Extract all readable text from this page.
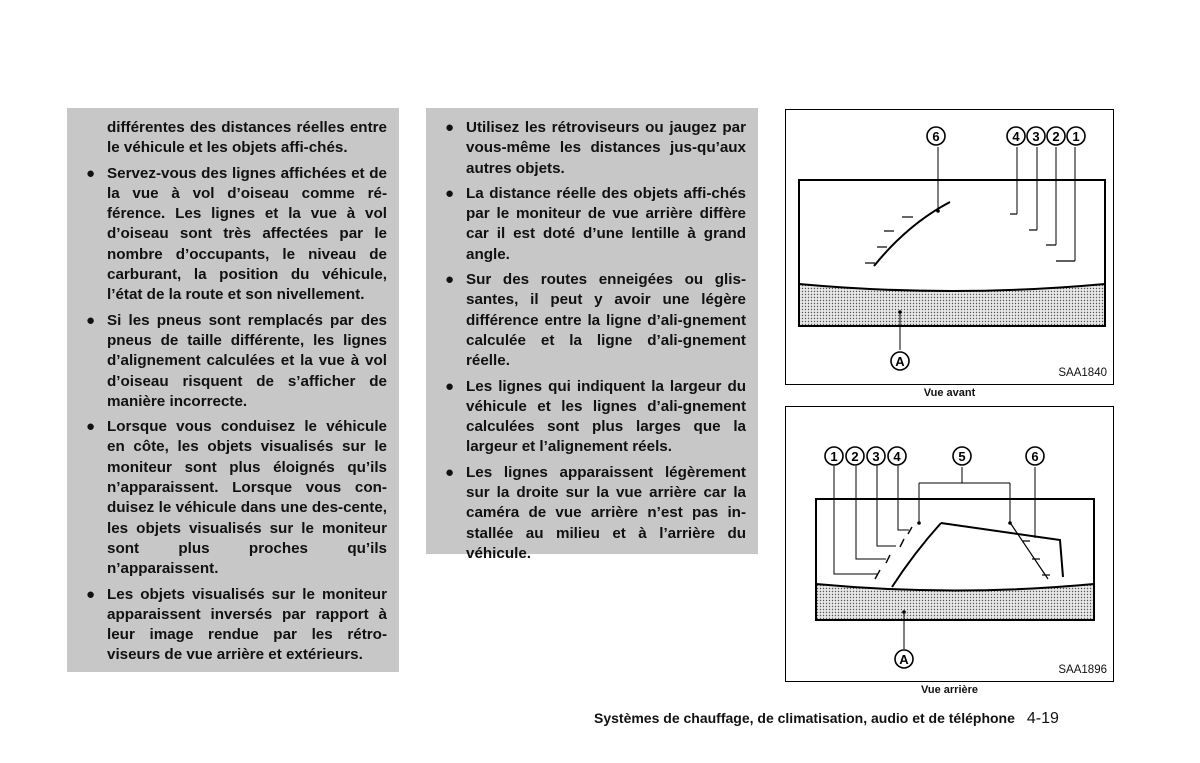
différentes des distances réelles entre le véhicule et les objets affi-chés.
● Servez-vous des lignes affichées et de la vue à vol d’oiseau comme ré-férence. Les lignes et la vue à vol d’oiseau sont très affectées par le nombre d’occupants, le niveau de carburant, la position du véhicule, l’état de la route et son nivellement.
● Si les pneus sont remplacés par des pneus de taille différente, les lignes d’alignement calculées et la vue à vol d’oiseau risquent de s’afficher de manière incorrecte.
● Lorsque vous conduisez le véhicule en côte, les objets visualisés sur le moniteur sont plus éloignés qu’ils n’apparaissent. Lorsque vous con-duisez le véhicule dans une des-cente, les objets visualisés sur le moniteur sont plus proches qu’ils n’apparaissent.
● Les objets visualisés sur le moniteur apparaissent inversés par rapport à leur image rendue par les rétro-viseurs de vue arrière et extérieurs.
● Utilisez les rétroviseurs ou jaugez par vous-même les distances jus-qu’aux autres objets.
● La distance réelle des objets affi-chés par le moniteur de vue arrière diffère car il est doté d’une lentille à grand angle.
● Sur des routes enneigées ou glis-santes, il peut y avoir une légère différence entre la ligne d’ali-gnement calculée et la ligne d’ali-gnement réelle.
● Les lignes qui indiquent la largeur du véhicule et les lignes d’ali-gnement calculées sont plus larges que la largeur et l’alignement réels.
● Les lignes apparaissent légèrement sur la droite sur la vue arrière car la caméra de vue arrière n’est pas in-stallée au milieu et à l’arrière du véhicule.
6	4 3 2 1
A
SAA1840
Vue avant
1 2 3 4	5	6
A
SAA1896
Vue arrière
Systèmes de chauffage, de climatisation, audio et de téléphone 4-19
